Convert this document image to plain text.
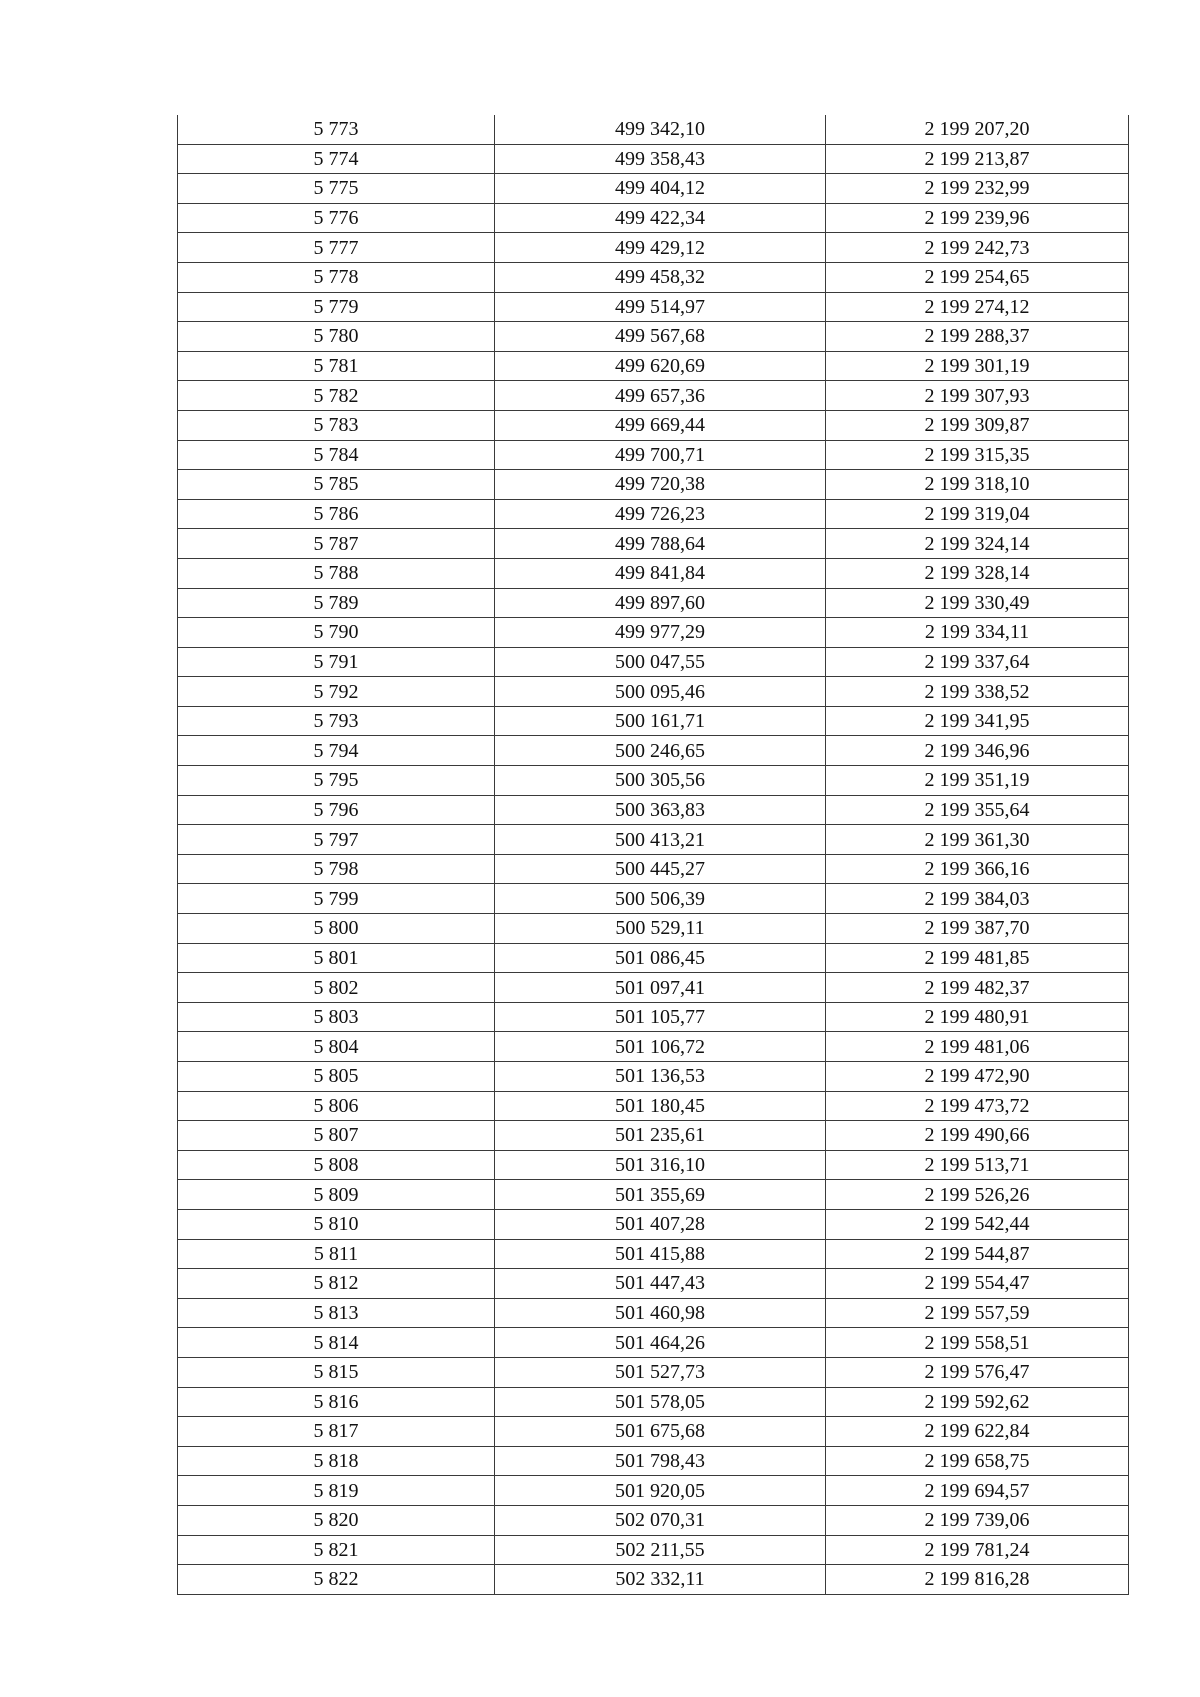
5 773	499 342,10	2 199 207,20
5 774	499 358,43	2 199 213,87
5 775	499 404,12	2 199 232,99
5 776	499 422,34	2 199 239,96
5 777	499 429,12	2 199 242,73
5 778	499 458,32	2 199 254,65
5 779	499 514,97	2 199 274,12
5 780	499 567,68	2 199 288,37
5 781	499 620,69	2 199 301,19
5 782	499 657,36	2 199 307,93
5 783	499 669,44	2 199 309,87
5 784	499 700,71	2 199 315,35
5 785	499 720,38	2 199 318,10
5 786	499 726,23	2 199 319,04
5 787	499 788,64	2 199 324,14
5 788	499 841,84	2 199 328,14
5 789	499 897,60	2 199 330,49
5 790	499 977,29	2 199 334,11
5 791	500 047,55	2 199 337,64
5 792	500 095,46	2 199 338,52
5 793	500 161,71	2 199 341,95
5 794	500 246,65	2 199 346,96
5 795	500 305,56	2 199 351,19
5 796	500 363,83	2 199 355,64
5 797	500 413,21	2 199 361,30
5 798	500 445,27	2 199 366,16
5 799	500 506,39	2 199 384,03
5 800	500 529,11	2 199 387,70
5 801	501 086,45	2 199 481,85
5 802	501 097,41	2 199 482,37
5 803	501 105,77	2 199 480,91
5 804	501 106,72	2 199 481,06
5 805	501 136,53	2 199 472,90
5 806	501 180,45	2 199 473,72
5 807	501 235,61	2 199 490,66
5 808	501 316,10	2 199 513,71
5 809	501 355,69	2 199 526,26
5 810	501 407,28	2 199 542,44
5 811	501 415,88	2 199 544,87
5 812	501 447,43	2 199 554,47
5 813	501 460,98	2 199 557,59
5 814	501 464,26	2 199 558,51
5 815	501 527,73	2 199 576,47
5 816	501 578,05	2 199 592,62
5 817	501 675,68	2 199 622,84
5 818	501 798,43	2 199 658,75
5 819	501 920,05	2 199 694,57
5 820	502 070,31	2 199 739,06
5 821	502 211,55	2 199 781,24
5 822	502 332,11	2 199 816,28
